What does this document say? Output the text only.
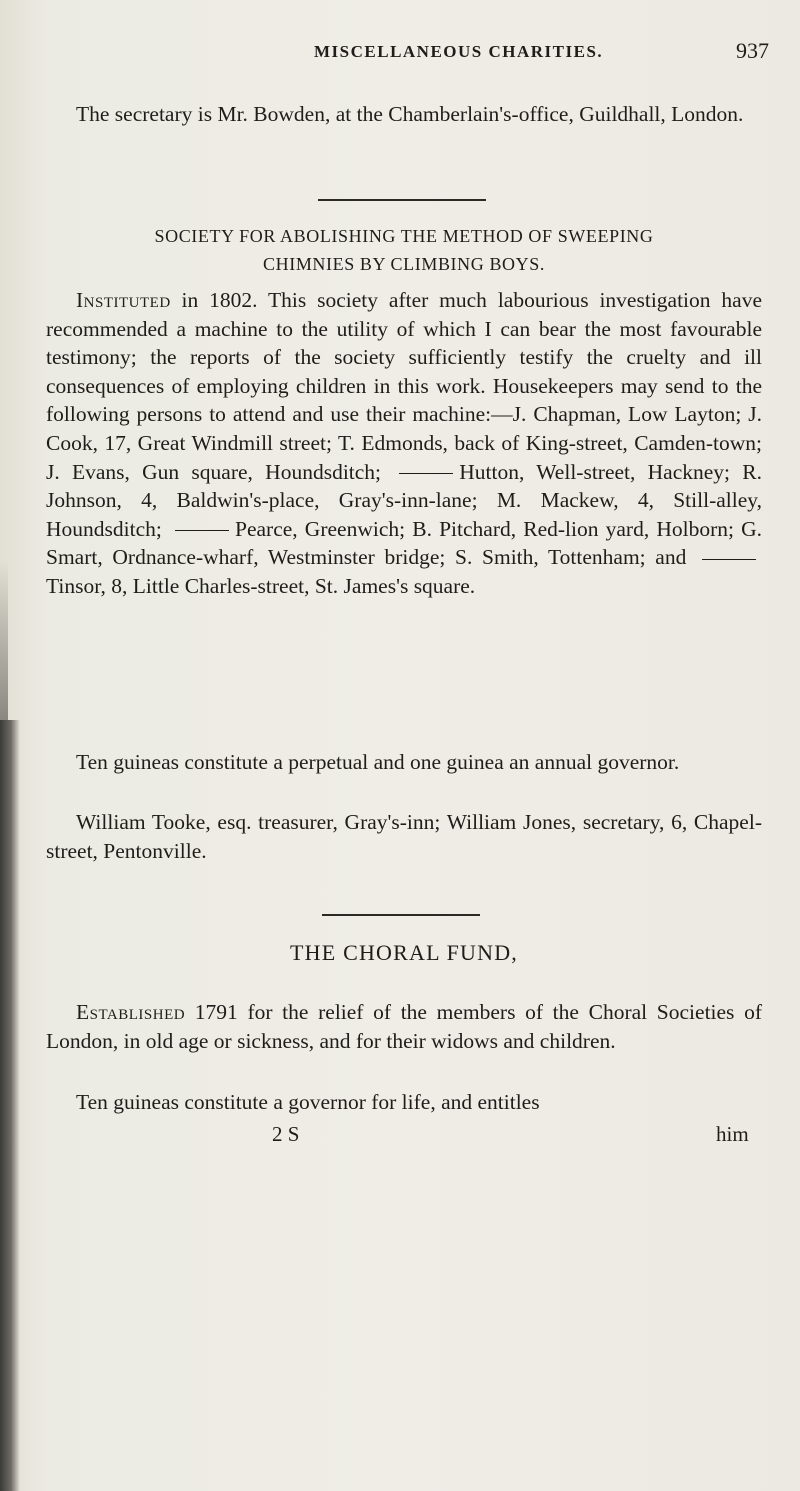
MISCELLANEOUS CHARITIES.	937
The secretary is Mr. Bowden, at the Chamberlain's-office, Guildhall, London.
SOCIETY FOR ABOLISHING THE METHOD OF SWEEPING
CHIMNIES BY CLIMBING BOYS.
Instituted in 1802. This society after much labourious investigation have recommended a machine to the utility of which I can bear the most favourable testimony; the reports of the society sufficiently testify the cruelty and ill consequences of employing children in this work. Housekeepers may send to the following persons to attend and use their machine:—J. Chapman, Low Layton; J. Cook, 17, Great Windmill street; T. Edmonds, back of King-street, Camden-town; J. Evans, Gun square, Houndsditch;	Hutton, Well-street, Hackney; R. Johnson, 4, Baldwin's-place, Gray's-inn-lane; M. Mackew, 4, Still-alley, Houndsditch;	Pearce, Greenwich; B. Pitchard, Red-lion yard, Holborn; G. Smart, Ordnance-wharf, Westminster bridge; S. Smith, Tottenham; and Tinsor, 8, Little Charles-street, St. James's square.
Ten guineas constitute a perpetual and one guinea an annual governor.
William Tooke, esq. treasurer, Gray's-inn; William Jones, secretary, 6, Chapel-street, Pentonville.
THE CHORAL FUND,
Established 1791 for the relief of the members of the Choral Societies of London, in old age or sickness, and for their widows and children.
Ten guineas constitute a governor for life, and entitles
2 S	him
